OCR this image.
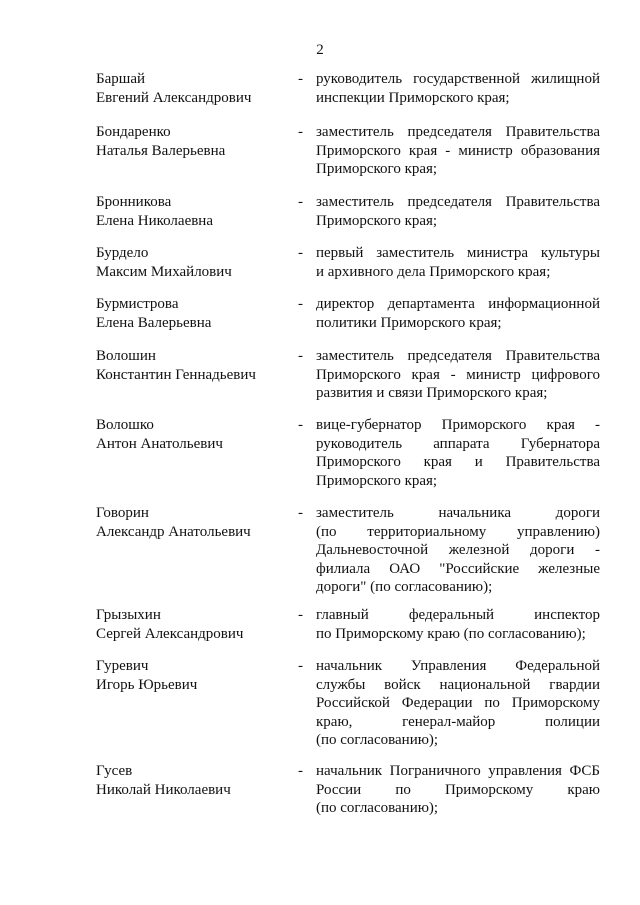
2
Баршай
Евгений Александрович
- руководитель государственной жилищной
инспекции Приморского края;
Бондаренко
Наталья Валерьевна
- заместитель председателя Правительства
Приморского края - министр образования
Приморского края;
Бронникова
Елена Николаевна
- заместитель председателя Правительства
Приморского края;
Бурдело
Максим Михайлович
- первый заместитель министра культуры
и архивного дела Приморского края;
Бурмистрова
Елена Валерьевна
- директор департамента информационной
политики Приморского края;
Волошин
Константин Геннадьевич
- заместитель председателя Правительства
Приморского края - министр цифрового
развития и связи Приморского края;
Волошко
Антон Анатольевич
- вице-губернатор Приморского края -
руководитель аппарата Губернатора
Приморского края и Правительства
Приморского края;
Говорин
Александр Анатольевич
- заместитель начальника дороги
(по территориальному управлению)
Дальневосточной железной дороги -
филиала ОАО "Российские железные
дороги" (по согласованию);
Грызыхин
Сергей Александрович
- главный федеральный инспектор
по Приморскому краю (по согласованию);
Гуревич
Игорь Юрьевич
- начальник Управления Федеральной
службы войск национальной гвардии
Российской Федерации по Приморскому
краю, генерал-майор полиции
(по согласованию);
Гусев
Николай Николаевич
- начальник Пограничного управления ФСБ
России по Приморскому краю
(по согласованию);
